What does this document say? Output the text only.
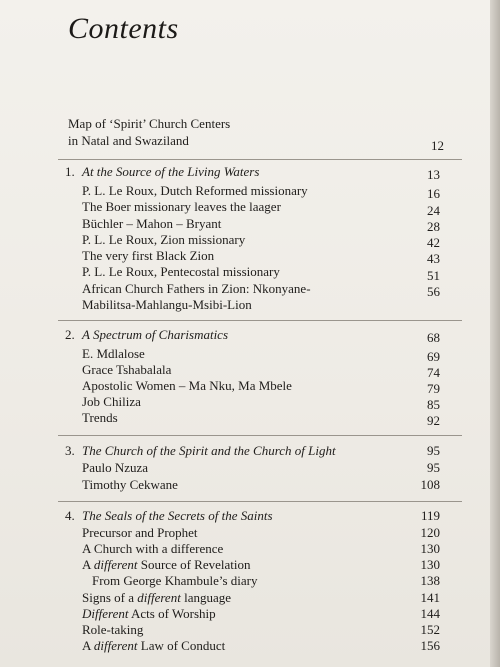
Contents
Map of ‘Spirit’ Church Centers
in Natal and Swaziland	12
1. At the Source of the Living Waters	13
P. L. Le Roux, Dutch Reformed missionary	16
The Boer missionary leaves the laager	24
Büchler – Mahon – Bryant	28
P. L. Le Roux, Zion missionary	42
The very first Black Zion	43
P. L. Le Roux, Pentecostal missionary	51
African Church Fathers in Zion: Nkonyane-	56
Mabilitsa-Mahlangu-Msibi-Lion
2. A Spectrum of Charismatics	68
E. Mdlalose	69
Grace Tshabalala	74
Apostolic Women – Ma Nku, Ma Mbele	79
Job Chiliza	85
Trends	92
3. The Church of the Spirit and the Church of Light	95
Paulo Nzuza	95
Timothy Cekwane	108
4. The Seals of the Secrets of the Saints	119
Precursor and Prophet	120
A Church with a difference	130
A different Source of Revelation	130
From George Khambule’s diary	138
Signs of a different language	141
Different Acts of Worship	144
Role-taking	152
A different Law of Conduct	156
